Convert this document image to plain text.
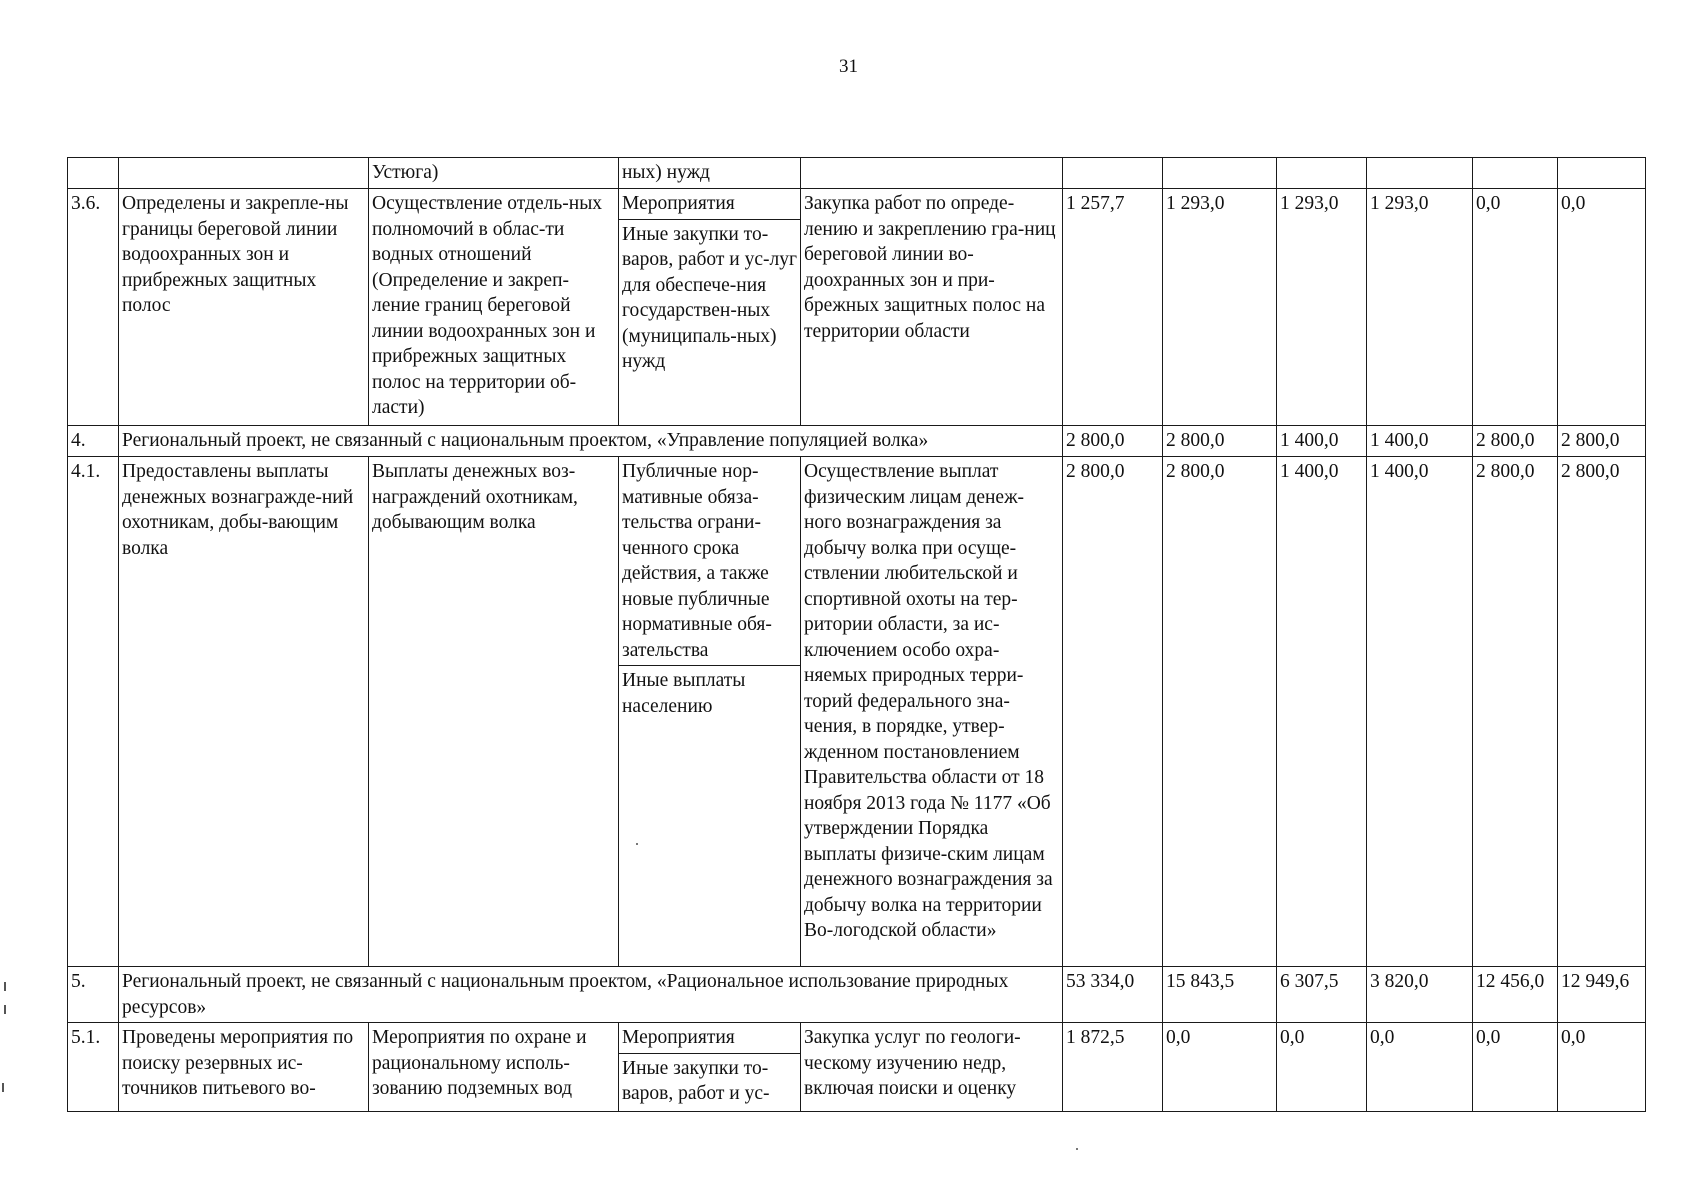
31
		Устюга)	ных) нужд							
3.6.	Определены и закрепле-ны границы береговой линии водоохранных зон и прибрежных защитных полос	Осуществление отдель-ных полномочий в облас-ти водных отношений (Определение и закреп-ление границ береговой линии водоохранных зон и прибрежных защитных полос на территории об-ласти)	Мероприятия
Иные закупки то-варов, работ и ус-луг для обеспече-ния государствен-ных (муниципаль-ных) нужд	Закупка работ по опреде-лению и закреплению гра-ниц береговой линии во-доохранных зон и при-брежных защитных полос на территории области	1 257,7	1 293,0	1 293,0	1 293,0	0,0	0,0
4.	Региональный проект, не связанный с национальным проектом, «Управление популяцией волка»				2 800,0	2 800,0	1 400,0	1 400,0	2 800,0	2 800,0
4.1.	Предоставлены выплаты денежных вознагражде-ний охотникам, добы-вающим волка	Выплаты денежных воз-награждений охотникам, добывающим волка	Публичные нор-мативные обяза-тельства ограни-ченного срока действия, а также новые публичные нормативные обя-зательства
Иные выплаты населению	Осуществление выплат физическим лицам денеж-ного вознаграждения за добычу волка при осуще-ствлении любительской и спортивной охоты на тер-ритории области, за ис-ключением особо охра-няемых природных терри-торий федерального зна-чения, в порядке, утвер-жденном постановлением Правительства области от 18 ноября 2013 года № 1177 «Об утверждении Порядка выплаты физиче-ским лицам денежного вознаграждения за добычу волка на территории Во-логодской области»	2 800,0	2 800,0	1 400,0	1 400,0	2 800,0	2 800,0
5.	Региональный проект, не связанный с национальным проектом, «Рациональное использование природных ресурсов»				53 334,0	15 843,5	6 307,5	3 820,0	12 456,0	12 949,6
5.1.	Проведены мероприятия по поиску резервных ис-точников питьевого во-	Мероприятия по охране и рациональному исполь-зованию подземных вод	Мероприятия
Иные закупки то-варов, работ и ус-	Закупка услуг по геологи-ческому изучению недр, включая поиски и оценку	1 872,5	0,0	0,0	0,0	0,0	0,0
